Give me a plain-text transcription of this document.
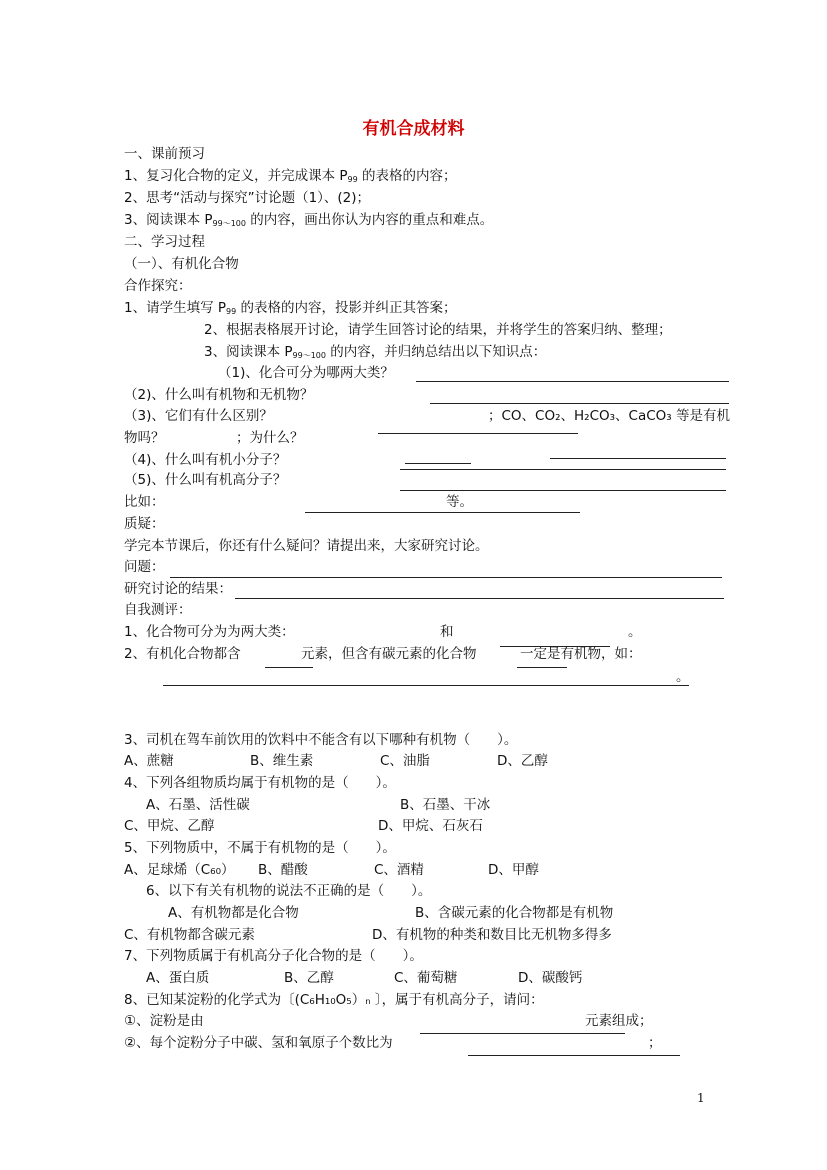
有机合成材料
一、课前预习
1、复习化合物的定义，并完成课本 $P_{99}$ 的表格的内容；
2、思考“活动与探究”讨论题（1）、(2)；
3、阅读课本 $P_{99\sim 100}$ 的内容，画出你认为内容的重点和难点。
二、学习过程
（一）、有机化合物
合作探究：
1、请学生填写 $P_{99}$ 的表格的内容，投影并纠正其答案；
2、根据表格展开讨论，请学生回答讨论的结果，并将学生的答案归纳、整理；
3、阅读课本 $P_{99\sim 100}$ 的内容，并归纳总结出以下知识点：
（1)、化合可分为哪两大类？
（2)、什么叫有机物和无机物？
（3)、它们有什么区别？	；CO、CO₂、H₂CO₃、CaCO₃ 等是有机
物吗？	；为什么？
（4)、什么叫有机小分子？
（5)、什么叫有机高分子？
比如：	等。
质疑：
学完本节课后，你还有什么疑问？请提出来，大家研究讨论。
问题：
研究讨论的结果：
自我测评：
1、化合物可分为为两大类：	和	。
2、有机化合物都含	元素，但含有碳元素的化合物	一定是有机物，如：
。
3、司机在驾车前饮用的饮料中不能含有以下哪种有机物（　　）。
A、蔗糖	B、维生素	C、油脂	D、乙醇
4、下列各组物质均属于有机物的是（　　）。
A、石墨、活性碳	B、石墨、干冰
C、甲烷、乙醇	D、甲烷、石灰石
5、下列物质中，不属于有机物的是（　　）。
A、足球烯（C₆₀） B、醋酸	C、酒精	D、甲醇
6、以下有关有机物的说法不正确的是（　　）。
A、有机物都是化合物	B、含碳元素的化合物都是有机物
C、有机物都含碳元素	D、有机物的种类和数目比无机物多得多
7、下列物质属于有机高分子化合物的是（　　）。
A、蛋白质	B、乙醇	C、葡萄糖	D、碳酸钙
8、已知某淀粉的化学式为〔(C₆H₁₀O₅）ₙ 〕，属于有机高分子，请问：
①、淀粉是由	元素组成；
②、每个淀粉分子中碳、氢和氧原子个数比为	；
1
